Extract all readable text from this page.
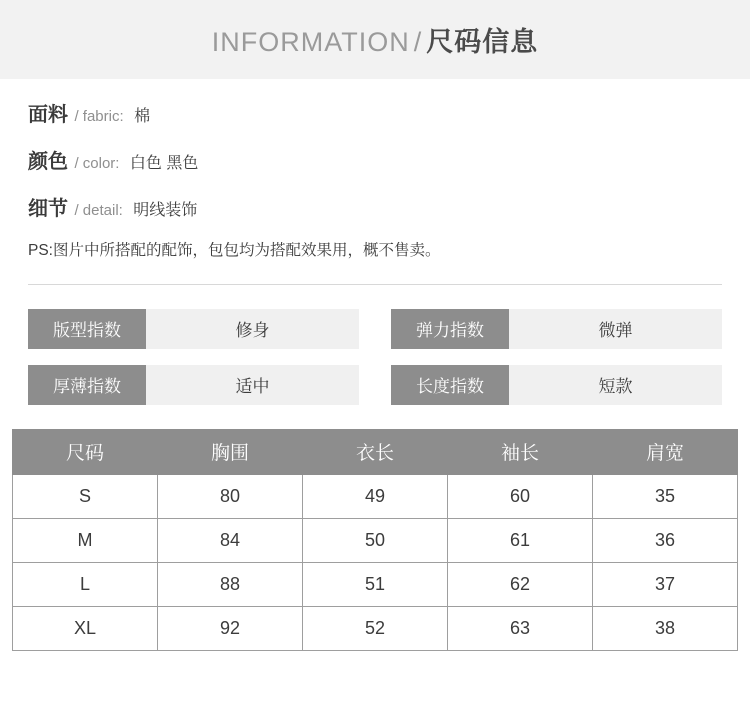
INFORMATION / 尺码信息
面料 / fabric: 棉
颜色 / color: 白色 黑色
细节 / detail: 明线装饰
PS:图片中所搭配的配饰，包包均为搭配效果用，概不售卖。
版型指数	修身	弹力指数	微弹
厚薄指数	适中	长度指数	短款
尺码	胸围	衣长	袖长	肩宽
S	80	49	60	35
M	84	50	61	36
L	88	51	62	37
XL	92	52	63	38
